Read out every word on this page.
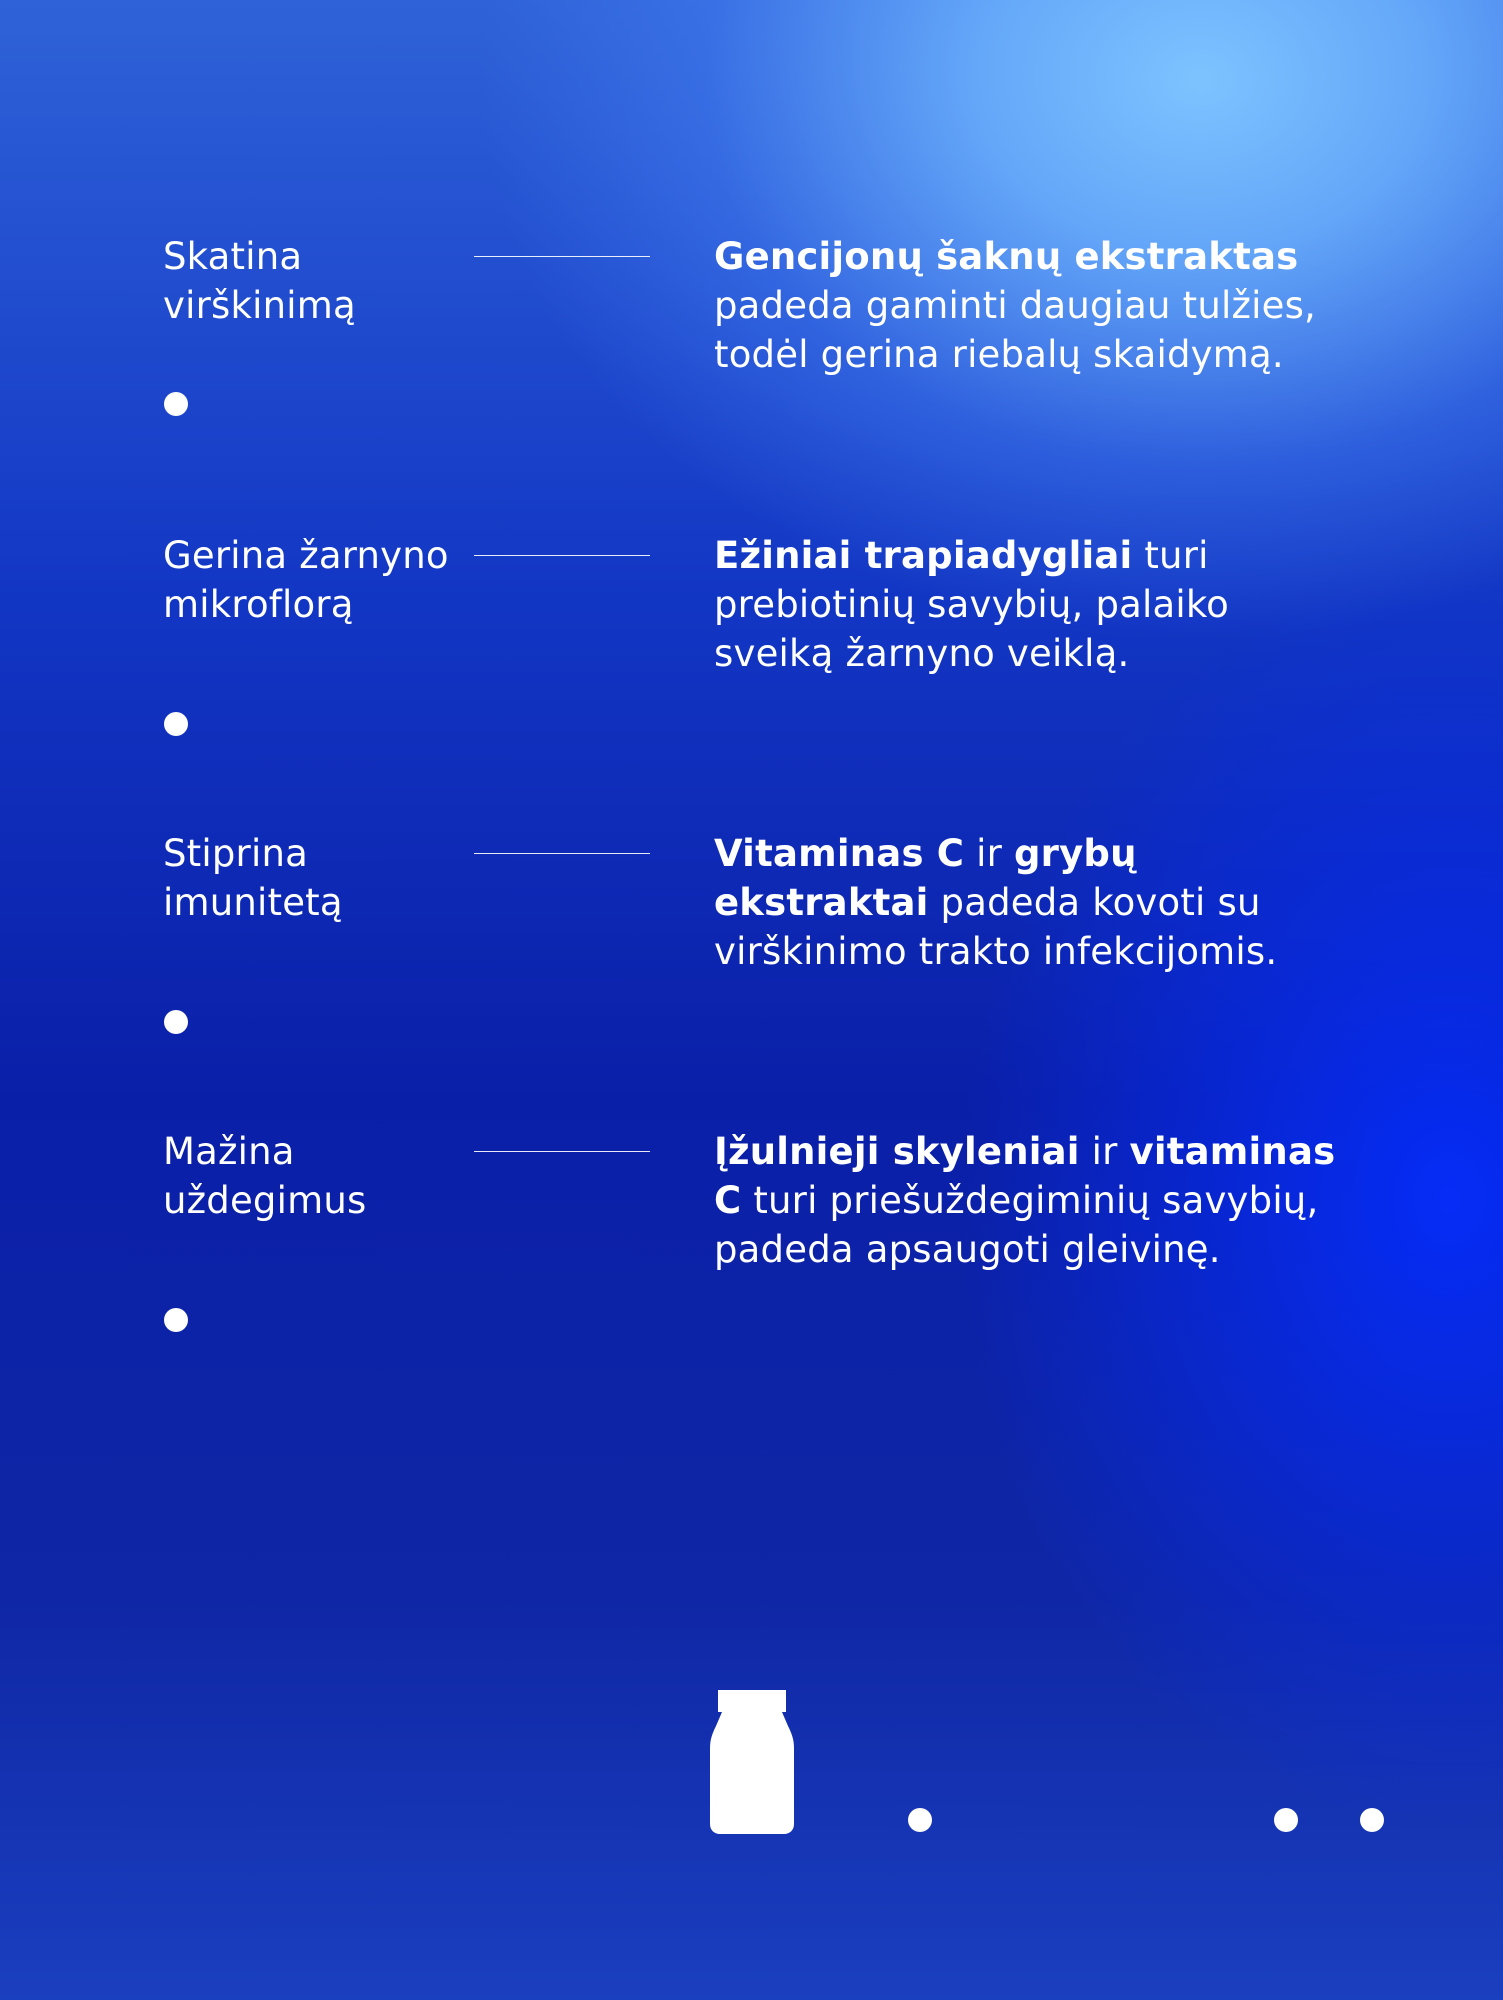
Skatina
virškinimą
Gencijonų šaknų ekstraktas padeda gaminti daugiau tulžies, todėl gerina riebalų skaidymą.
Gerina žarnyno
mikroflorą
Ežiniai trapiadygliai turi prebiotinių savybių, palaiko sveiką žarnyno veiklą.
Stiprina
imunitetą
Vitaminas C ir grybų ekstraktai padeda kovoti su virškinimo trakto infekcijomis.
Mažina
uždegimus
Įžulnieji skyleniai ir vitaminas C turi priešuždegiminių savybių, padeda apsaugoti gleivinę.
